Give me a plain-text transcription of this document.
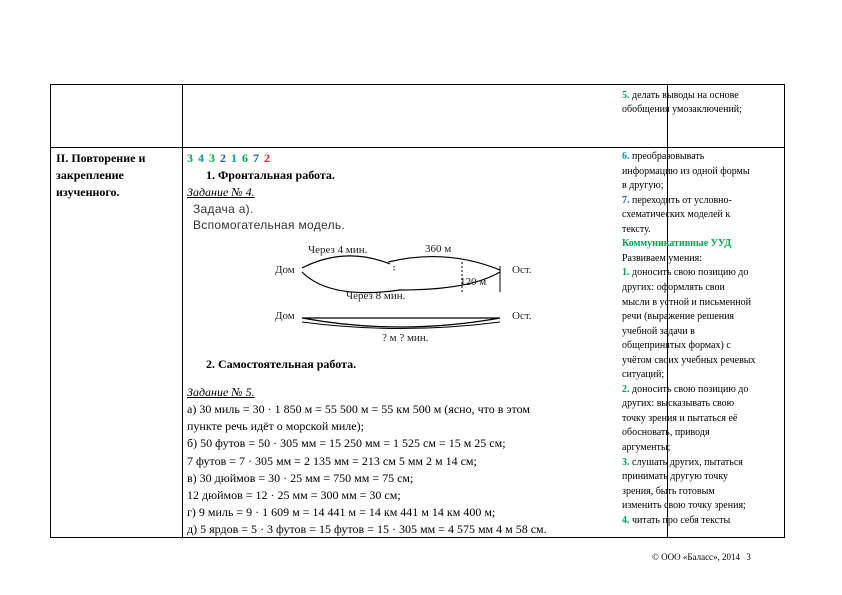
5. делать выводы на основе
обобщения умозаключений;
II. Повторение и
закрепление
изученного.
3 4 3 2 1 6 7 2
1. Фронтальная работа.
Задание № 4.
Задача а).
Вспомогательная модель.
Через 4 мин.	360 м
Дом	Ост.
120 м
Через 8 мин.
Дом	Ост.
? м ? мин.
2. Самостоятельная работа.
Задание № 5.
а) 30 миль = 30 · 1 850 м = 55 500 м = 55 км 500 м (ясно, что в этом
пункте речь идёт о морской миле);
б) 50 футов = 50 · 305 мм = 15 250 мм = 1 525 см = 15 м 25 см;
7 футов = 7 · 305 мм = 2 135 мм = 213 см 5 мм 2 м 14 см;
в) 30 дюймов = 30 · 25 мм = 750 мм = 75 см;
12 дюймов = 12 · 25 мм = 300 мм = 30 см;
г) 9 миль = 9 · 1 609 м = 14 441 м = 14 км 441 м 14 км 400 м;
д) 5 ярдов = 5 · 3 футов = 15 футов = 15 · 305 мм = 4 575 мм 4 м 58 см.
6. преобразовывать
информацию из одной формы
в другую;
7. переходить от условно-
схематических моделей к
тексту.
Коммуникативные УУД
Развиваем умения:
1. доносить свою позицию до
других: оформлять свои
мысли в устной и письменной
речи (выражение решения
учебной задачи в
общепринятых формах) с
учётом своих учебных речевых
ситуаций;
2. доносить свою позицию до
других: высказывать свою
точку зрения и пытаться её
обосновать, приводя
аргументы;
3. слушать других, пытаться
принимать другую точку
зрения, быть готовым
изменить свою точку зрения;
4. читать про себя тексты
© ООО «Баласс», 2014 3
